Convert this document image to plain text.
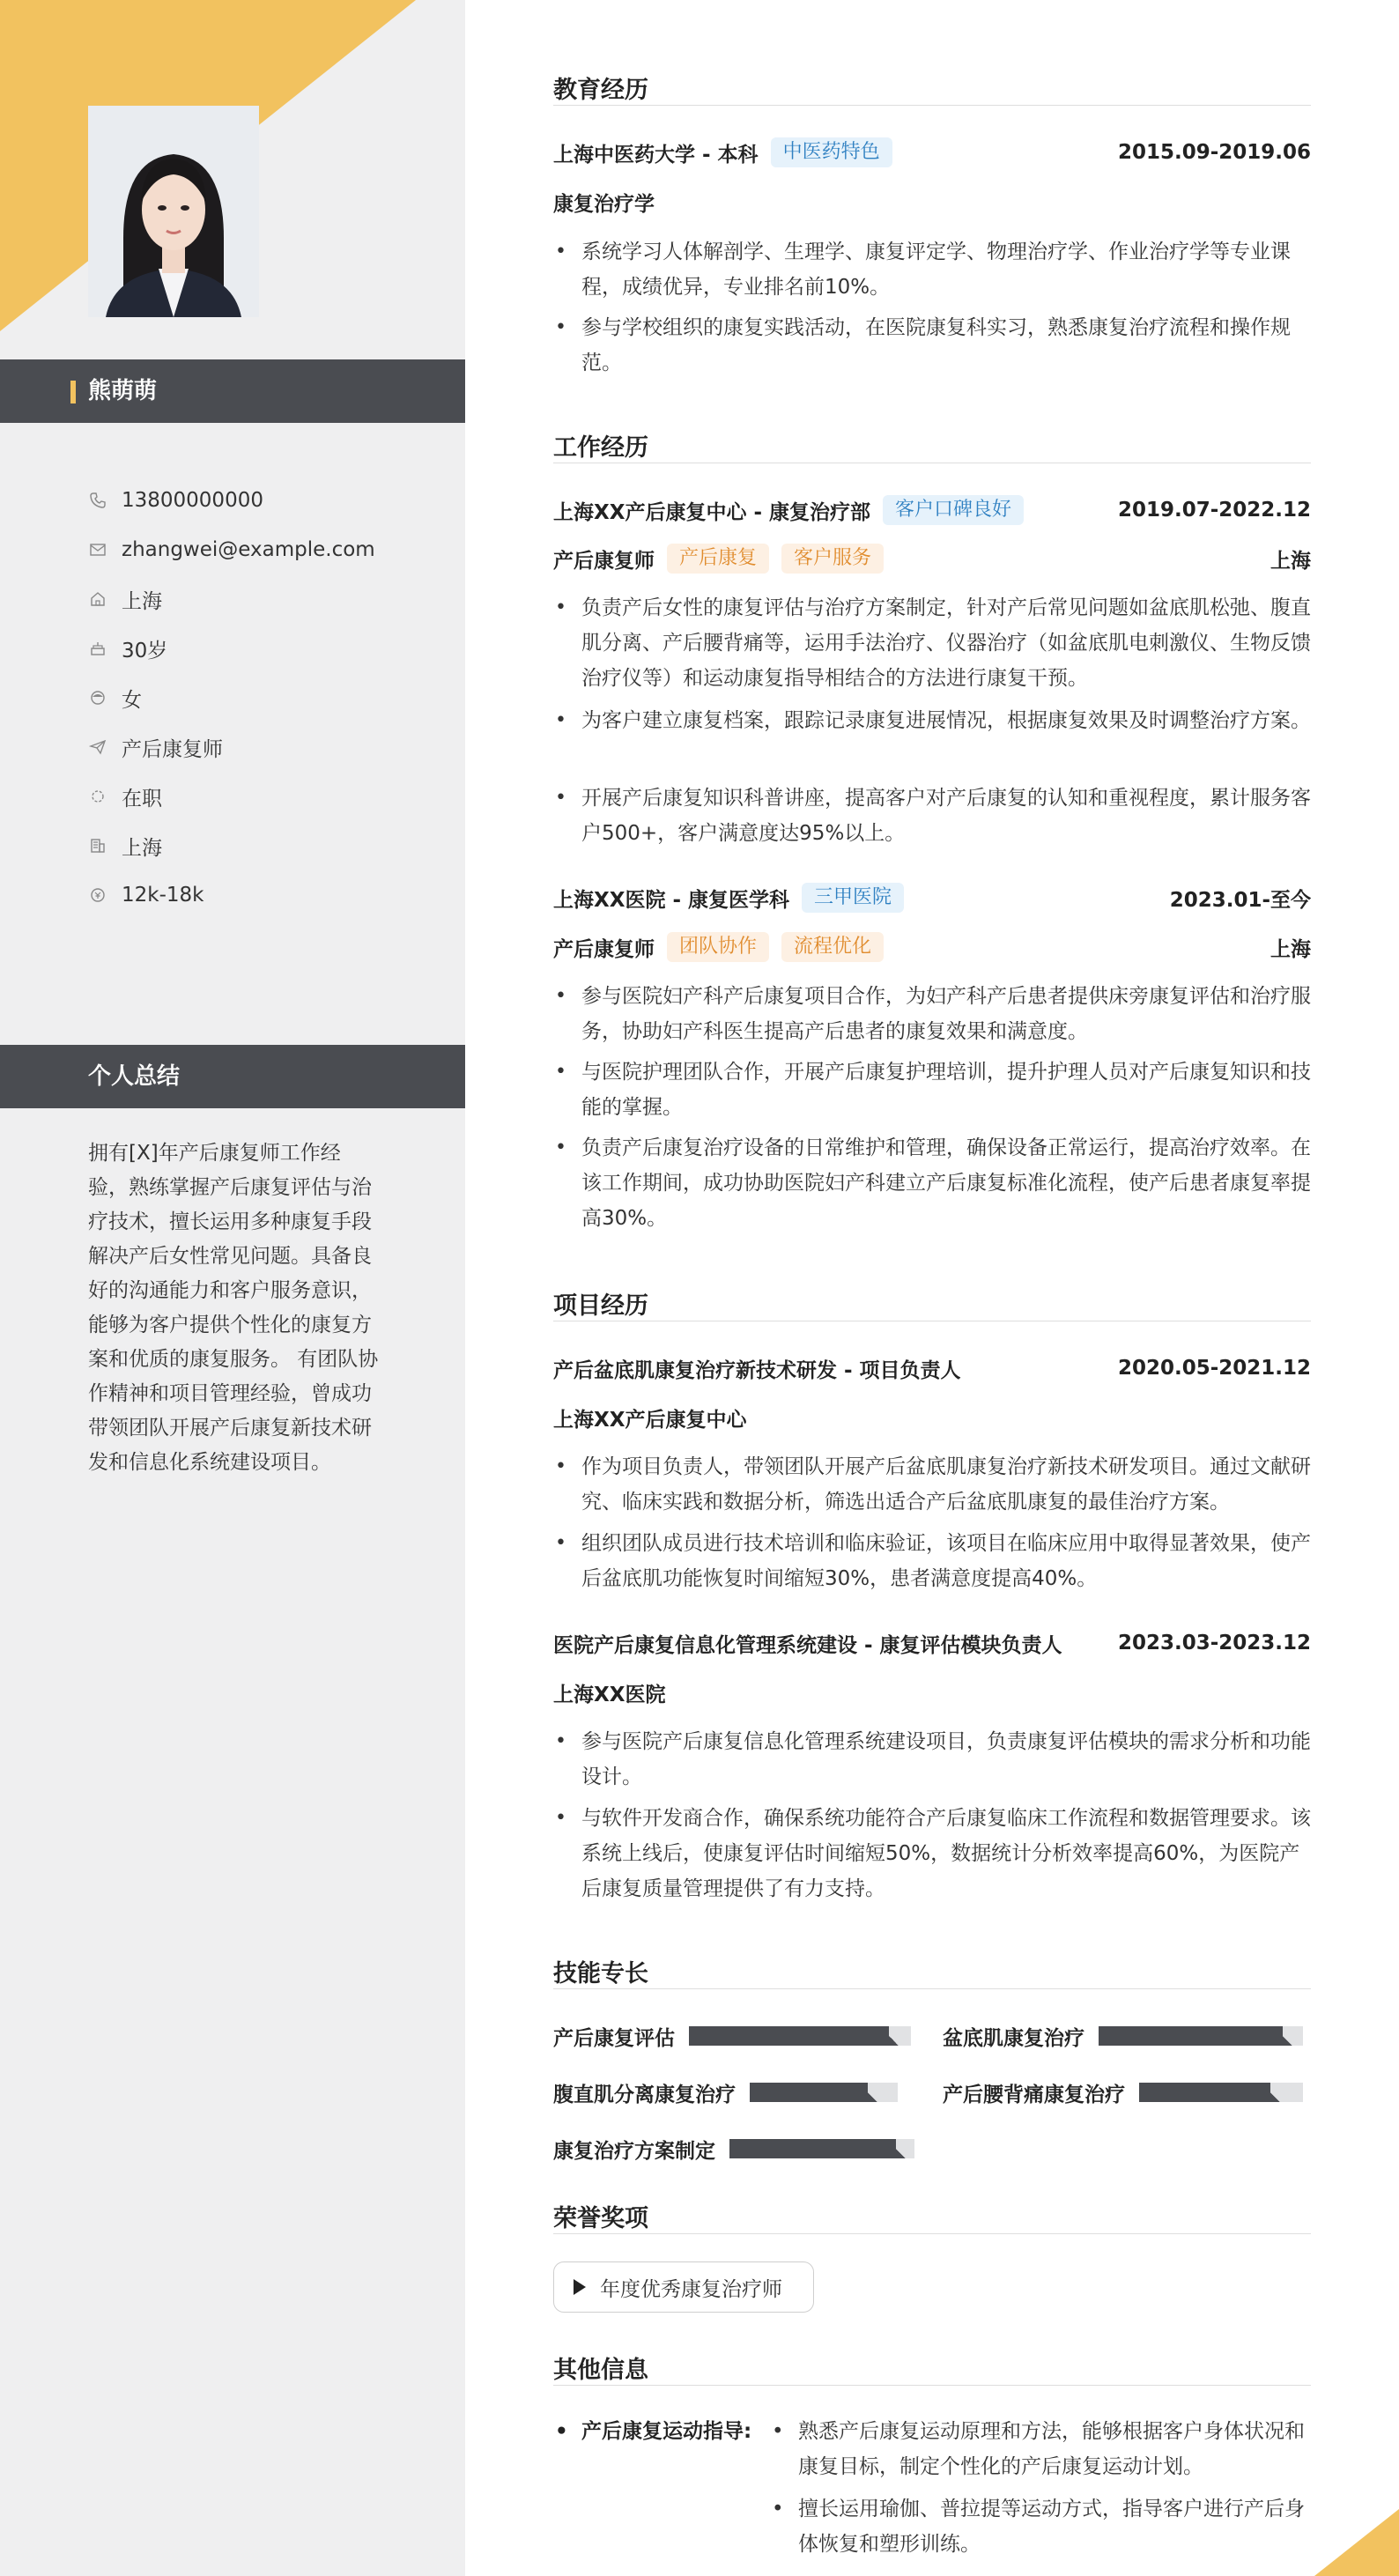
熊萌萌
13800000000
zhangwei@example.com
上海
30岁
女
产后康复师
在职
上海
12k-18k
个人总结
拥有[X]年产后康复师工作经验，熟练掌握产后康复评估与治疗技术，擅长运用多种康复手段解决产后女性常见问题。具备良好的沟通能力和客户服务意识，能够为客户提供个性化的康复方案和优质的康复服务。 有团队协作精神和项目管理经验，曾成功带领团队开展产后康复新技术研发和信息化系统建设项目。
教育经历
上海中医药大学 - 本科	中医药特色	2015.09-2019.06
康复治疗学
• 系统学习人体解剖学、生理学、康复评定学、物理治疗学、作业治疗学等专业课程，成绩优异，专业排名前10%。
• 参与学校组织的康复实践活动，在医院康复科实习，熟悉康复治疗流程和操作规范。
工作经历
上海XX产后康复中心 - 康复治疗部	客户口碑良好	2019.07-2022.12
产后康复师	产后康复	客户服务	上海
• 负责产后女性的康复评估与治疗方案制定，针对产后常见问题如盆底肌松弛、腹直肌分离、产后腰背痛等，运用手法治疗、仪器治疗（如盆底肌电刺激仪、生物反馈治疗仪等）和运动康复指导相结合的方法进行康复干预。
• 为客户建立康复档案，跟踪记录康复进展情况，根据康复效果及时调整治疗方案。
• 开展产后康复知识科普讲座，提高客户对产后康复的认知和重视程度，累计服务客户500+，客户满意度达95%以上。
上海XX医院 - 康复医学科	三甲医院	2023.01-至今
产后康复师	团队协作	流程优化	上海
• 参与医院妇产科产后康复项目合作，为妇产科产后患者提供床旁康复评估和治疗服务，协助妇产科医生提高产后患者的康复效果和满意度。
• 与医院护理团队合作，开展产后康复护理培训，提升护理人员对产后康复知识和技能的掌握。
• 负责产后康复治疗设备的日常维护和管理，确保设备正常运行，提高治疗效率。在该工作期间，成功协助医院妇产科建立产后康复标准化流程，使产后患者康复率提高30%。
项目经历
产后盆底肌康复治疗新技术研发 - 项目负责人	2020.05-2021.12
上海XX产后康复中心
• 作为项目负责人，带领团队开展产后盆底肌康复治疗新技术研发项目。通过文献研究、临床实践和数据分析，筛选出适合产后盆底肌康复的最佳治疗方案。
• 组织团队成员进行技术培训和临床验证，该项目在临床应用中取得显著效果，使产后盆底肌功能恢复时间缩短30%，患者满意度提高40%。
医院产后康复信息化管理系统建设 - 康复评估模块负责人	2023.03-2023.12
上海XX医院
• 参与医院产后康复信息化管理系统建设项目，负责康复评估模块的需求分析和功能设计。
• 与软件开发商合作，确保系统功能符合产后康复临床工作流程和数据管理要求。该系统上线后，使康复评估时间缩短50%，数据统计分析效率提高60%，为医院产后康复质量管理提供了有力支持。
技能专长
产后康复评估	盆底肌康复治疗
腹直肌分离康复治疗	产后腰背痛康复治疗
康复治疗方案制定
荣誉奖项
年度优秀康复治疗师
其他信息
• 产后康复运动指导:
•	熟悉产后康复运动原理和方法，能够根据客户身体状况和康复目标，制定个性化的产后康复运动计划。
• 擅长运用瑜伽、普拉提等运动方式，指导客户进行产后身体恢复和塑形训练。
